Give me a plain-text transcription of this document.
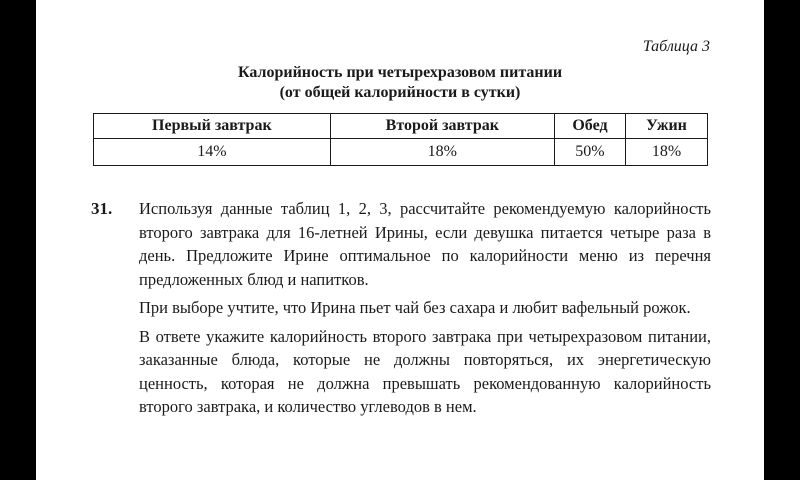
Таблица 3
Калорийность при четырехразовом питании
(от общей калорийности в сутки)
Первый завтрак	Второй завтрак	Обед	Ужин
14%	18%	50%	18%
31. Используя данные таблиц 1, 2, 3, рассчитайте рекомендуемую калорийность второго завтрака для 16-летней Ирины, если девушка питается четыре раза в день. Предложите Ирине оптимальное по калорийности меню из перечня предложенных блюд и напитков.

При выборе учтите, что Ирина пьет чай без сахара и любит вафельный рожок.

В ответе укажите калорийность второго завтрака при четырехразовом питании, заказанные блюда, которые не должны повторяться, их энергетическую ценность, которая не должна превышать рекомендованную калорийность второго завтрака, и количество углеводов в нем.
